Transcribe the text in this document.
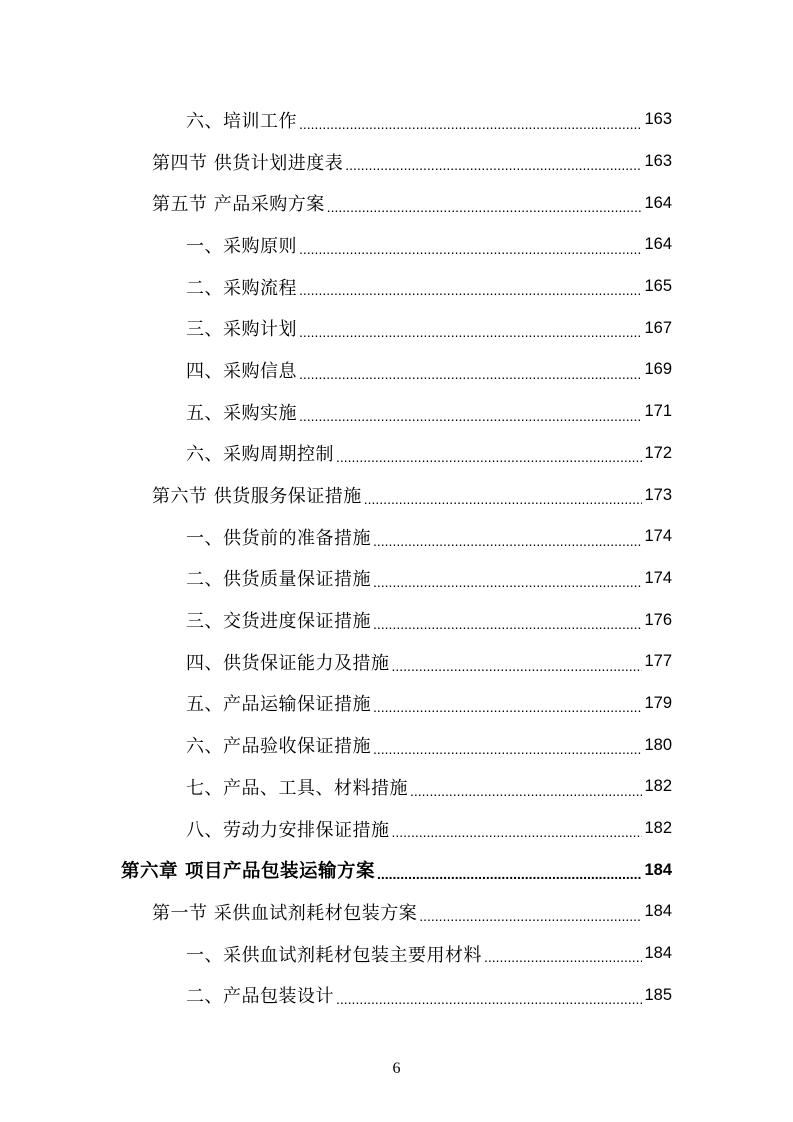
六、培训工作 .....	163
第四节 供货计划进度表 .....	163
第五节 产品采购方案 .....	164
一、采购原则 .....	164
二、采购流程 .....	165
三、采购计划 .....	167
四、采购信息 .....	169
五、采购实施 .....	171
六、采购周期控制 .....	172
第六节 供货服务保证措施 .....	173
一、供货前的准备措施 .....	174
二、供货质量保证措施 .....	174
三、交货进度保证措施 .....	176
四、供货保证能力及措施 .....	177
五、产品运输保证措施 .....	179
六、产品验收保证措施 .....	180
七、产品、工具、材料措施 .....	182
八、劳动力安排保证措施 .....	182
第六章 项目产品包装运输方案 .....	184
第一节 采供血试剂耗材包装方案 .....	184
一、采供血试剂耗材包装主要用材料 .....	184
二、产品包装设计 .....	185
6
